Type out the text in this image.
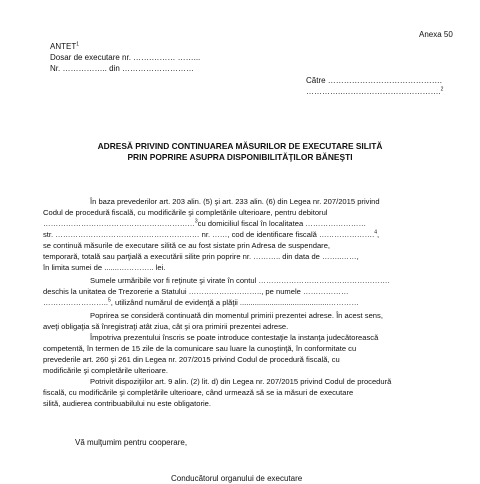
Anexa 50
ANTET$^1$
Dosar de executare nr. …….……… ……...
Nr. …………….. din ………………………
Către …………………………………….
…………..……………………………….$^2$
ADRESĂ PRIVIND CONTINUAREA MĂSURILOR DE EXECUTARE SILITĂ
PRIN POPRIRE ASUPRA DISPONIBILITĂŢILOR BĂNEŞTI
În baza prevederilor art. 203 alin. (5) şi art. 233 alin. (6) din Legea nr. 207/2015 privind
Codul de procedură fiscală, cu modificările şi completările ulterioare, pentru debitorul
……………………………………………………$^3$cu domiciliul fiscal în localitatea ……………………
str. ………………………………………………… nr. ……, cod de identificare fiscală ………………….$^4$,
se continuă măsurile de executare silită ce au fost sistate prin Adresa de suspendare,
temporară, totală sau parţială a executării silite prin poprire nr. ……….. din data de ……..……,
în limita sumei de .......………….. lei.
Sumele urmăribile vor fi reţinute şi virate în contul …………………………………………….
deschis la unitatea de Trezorerie a Statului ……………………….., pe numele ………………
……………………..$^5$, utilizând numărul de evidenţă a plăţii ..........................................…………
Poprirea se consideră continuată din momentul primirii prezentei adrese. În acest sens,
aveţi obligaţia să înregistraţi atât ziua, cât şi ora primirii prezentei adrese.
Împotriva prezentului înscris se poate introduce contestaţie la instanţa judecătorească
competentă, în termen de 15 zile de la comunicare sau luare la cunoştinţă, în conformitate cu
prevederile art. 260 şi 261 din Legea nr. 207/2015 privind Codul de procedură fiscală, cu
modificările şi completările ulterioare.
Potrivit dispoziţiilor art. 9 alin. (2) lit. d) din Legea nr. 207/2015 privind Codul de procedură
fiscală, cu modificările şi completările ulterioare, când urmează să se ia măsuri de executare
silită, audierea contribuabilului nu este obligatorie.
Vă mulţumim pentru cooperare,
Conducătorul organului de executare
